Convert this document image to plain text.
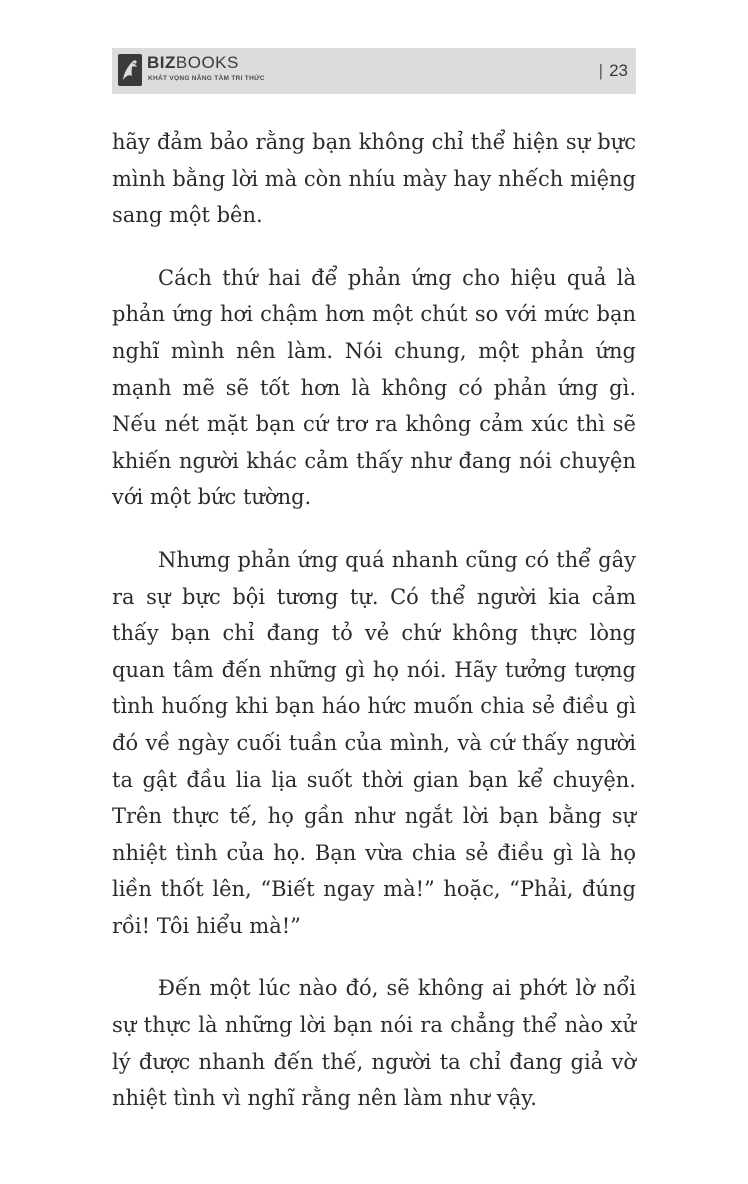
BIZBOOKS
KHÁT VỌNG NÂNG TẦM TRI THỨC	| 23

hãy đảm bảo rằng bạn không chỉ thể hiện sự bực mình bằng lời mà còn nhíu mày hay nhếch miệng sang một bên.

Cách thứ hai để phản ứng cho hiệu quả là phản ứng hơi chậm hơn một chút so với mức bạn nghĩ mình nên làm. Nói chung, một phản ứng mạnh mẽ sẽ tốt hơn là không có phản ứng gì. Nếu nét mặt bạn cứ trơ ra không cảm xúc thì sẽ khiến người khác cảm thấy như đang nói chuyện với một bức tường.

Nhưng phản ứng quá nhanh cũng có thể gây ra sự bực bội tương tự. Có thể người kia cảm thấy bạn chỉ đang tỏ vẻ chứ không thực lòng quan tâm đến những gì họ nói. Hãy tưởng tượng tình huống khi bạn háo hức muốn chia sẻ điều gì đó về ngày cuối tuần của mình, và cứ thấy người ta gật đầu lia lịa suốt thời gian bạn kể chuyện. Trên thực tế, họ gần như ngắt lời bạn bằng sự nhiệt tình của họ. Bạn vừa chia sẻ điều gì là họ liền thốt lên, “Biết ngay mà!” hoặc, “Phải, đúng rồi! Tôi hiểu mà!”

Đến một lúc nào đó, sẽ không ai phớt lờ nổi sự thực là những lời bạn nói ra chẳng thể nào xử lý được nhanh đến thế, người ta chỉ đang giả vờ nhiệt tình vì nghĩ rằng nên làm như vậy.
